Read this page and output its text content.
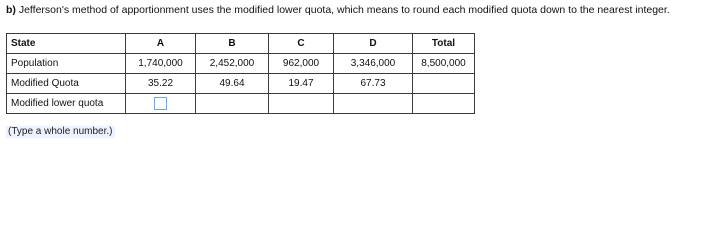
b) Jefferson's method of apportionment uses the modified lower quota, which means to round each modified quota down to the nearest integer.
State	A	B	C	D	Total
Population	1,740,000	2,452,000	962,000	3,346,000	8,500,000
Modified Quota	35.22	49.64	19.47	67.73	
Modified lower quota					
(Type a whole number.)
